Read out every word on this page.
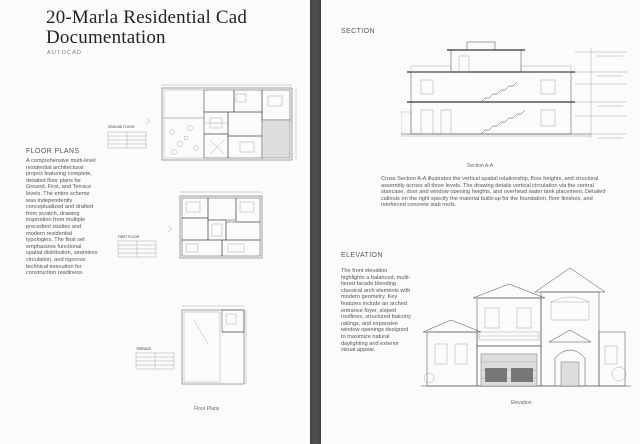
20-Marla Residential Cad Documentation
AUTOCAD
FLOOR PLANS
A comprehensive multi-level residential architectural project featuring complete, detailed floor plans for Ground, First, and Terrace levels. The entire scheme was independently conceptualized and drafted from scratch, drawing inspiration from multiple precedent studies and modern residential typologies. The final set emphasizes functional spatial distribution, seamless circulation, and rigorous technical execution for construction readiness.
GROUND FLOOR
FIRST FLOOR
TERRACE
Floor Plans
SECTION
Section A-A
Cross Section A-A illustrates the vertical spatial relationship, floor heights, and structural assembly across all three levels. The drawing details vertical circulation via the central staircase, door and window opening heights, and overhead water tank placement. Detailed callouts on the right specify the material build-up for the foundation, floor finishes, and reinforced concrete slab roofs.
ELEVATION
The front elevation highlights a balanced, multi-tiered facade blending classical arch elements with modern geometry. Key features include an arched entrance foyer, sloped rooflines, structured balcony railings, and expansive window openings designed to maximize natural daylighting and exterior visual appeal.
Elevation
